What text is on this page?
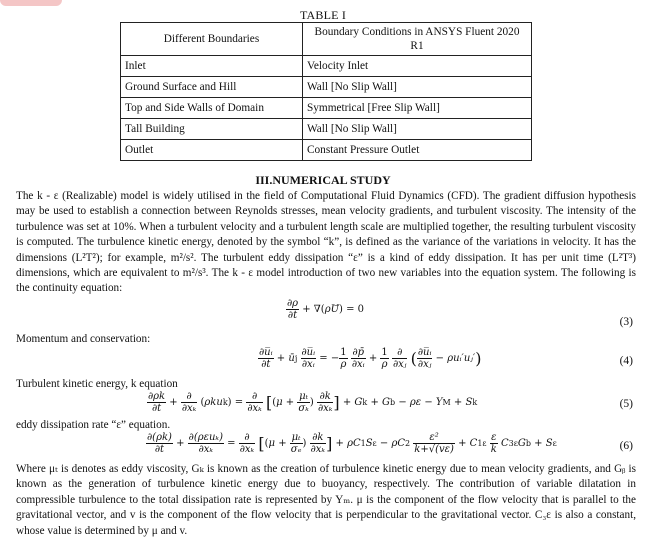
TABLE I
Different Boundaries	Boundary Conditions in ANSYS Fluent 2020 R1
Inlet	Velocity Inlet
Ground Surface and Hill	Wall [No Slip Wall]
Top and Side Walls of Domain	Symmetrical [Free Slip Wall]
Tall Building	Wall [No Slip Wall]
Outlet	Constant Pressure Outlet
III.NUMERICAL STUDY
The k - ε (Realizable) model is widely utilised in the field of Computational Fluid Dynamics (CFD). The gradient diffusion hypothesis may be used to establish a connection between Reynolds stresses, mean velocity gradients, and turbulent viscosity. The intensity of the turbulence was set at 10%. When a turbulent velocity and a turbulent length scale are multiplied together, the resulting turbulent viscosity is computed. The turbulence kinetic energy, denoted by the symbol “k”, is defined as the variance of the variations in velocity. It has the dimensions (L²T²); for example, m²/s². The turbulent eddy dissipation “ε” is a kind of eddy dissipation. It has per unit time (L²T³) dimensions, which are equivalent to m²/s³. The k - ε model introduction of two new variables into the equation system. The following is the continuity equation:
$\frac{\partial\rho}{\partial t}$ + ∇(ρU⃗) = 0
(3)
Momentum and conservation:
$\frac{\text{∂u̅ᵢ}}{\partial t}$ + ūj $\frac{\text{∂u̅ᵢ}}{\text{∂xᵢ}}$ = − $\frac{1}{\rho}$
$\frac{\partial p̄}{\text{∂xᵢ}} + \frac{1}{\rho}$
$\frac{\partial}{\text{∂xⱼ}}$ ( $\frac{\text{∂u̅ᵢ}}{\text{∂xⱼ}}$ − ρuᵢ′uⱼ′)	(4)
Turbulent kinetic energy, k equation
$\frac{\partial\rho k}{\partial t} + \frac{\partial}{\text{∂xₖ}} (\rho kuk) = \frac{\partial}{\text{∂xₖ}} [(\mu + \frac{\text{μₜ}}{\text{σₖ}}$ ) $\frac{\partial k}{\text{∂xₖ}}$ ] + Gk + Gb − ρε − YM + Sk	(5)
eddy dissipation rate “ε” equation.
$\frac{\partial(\rho k)}{\partial t} + \frac{\text{∂(ρεuₖ)}}{\text{∂xₖ}} = \frac{\partial}{\text{∂xₖ}} [(\mu + \frac{\text{μₜ}}{\text{σₑ}}$ ) $\frac{\partial k}{\text{∂xₖ}}$ ] + $\rho C1S\varepsilon - \rho C2 \frac{\text{ε²}}{k+√(v\varepsilon)} + C1\varepsilon \frac{\varepsilon}{k} C3\varepsilon Gb + S\varepsilon$	(6)
Where μₜ is denotes as eddy viscosity, Gₖ is known as the creation of turbulence kinetic energy due to mean velocity gradients, and Gᵦ is known as the generation of turbulence kinetic energy due to buoyancy, respectively. The contribution of variable dilatation in compressible turbulence to the total dissipation rate is represented by Yₘ. μ is the component of the flow velocity that is parallel to the gravitational vector, and v is the component of the flow velocity that is perpendicular to the gravitational vector. C₃ε is also a constant, whose value is determined by μ and v.
